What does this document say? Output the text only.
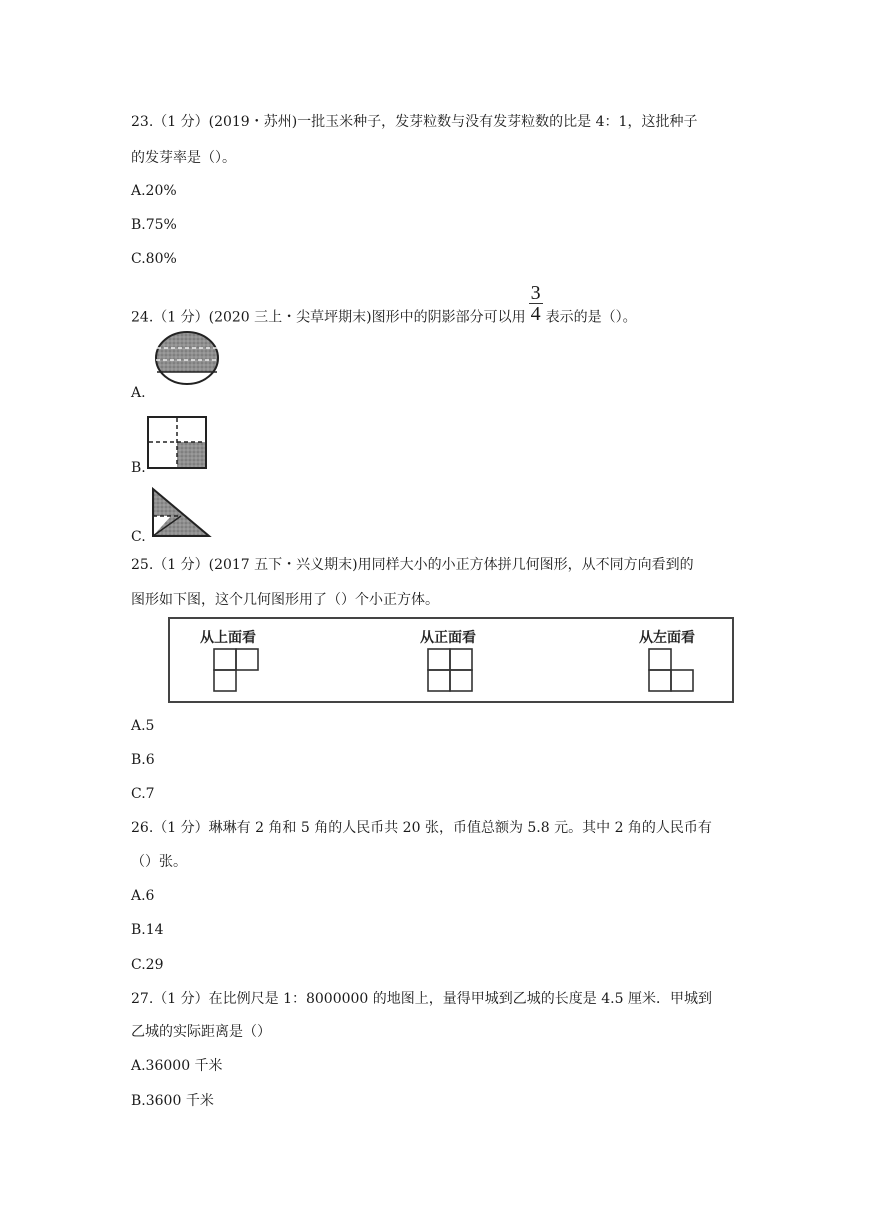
23.（1 分）(2019・苏州)一批玉米种子，发芽粒数与没有发芽粒数的比是 4：1，这批种子
的发芽率是（）。
A.20%
B.75%
C.80%
24.（1 分）(2020 三上・尖草坪期末)图形中的阴影部分可以用 $\frac{3}{4}$ 表示的是（）。
A.
B.
C.
25.（1 分）(2017 五下・兴义期末)用同样大小的小正方体拼几何图形，从不同方向看到的
图形如下图，这个几何图形用了（）个小正方体。
从上面看	从正面看	从左面看
A.5
B.6
C.7
26.（1 分）琳琳有 2 角和 5 角的人民币共 20 张，币值总额为 5.8 元。其中 2 角的人民币有
（）张。
A.6
B.14
C.29
27.（1 分）在比例尺是 1：8000000 的地图上，量得甲城到乙城的长度是 4.5 厘米．甲城到
乙城的实际距离是（）
A.36000 千米
B.3600 千米
